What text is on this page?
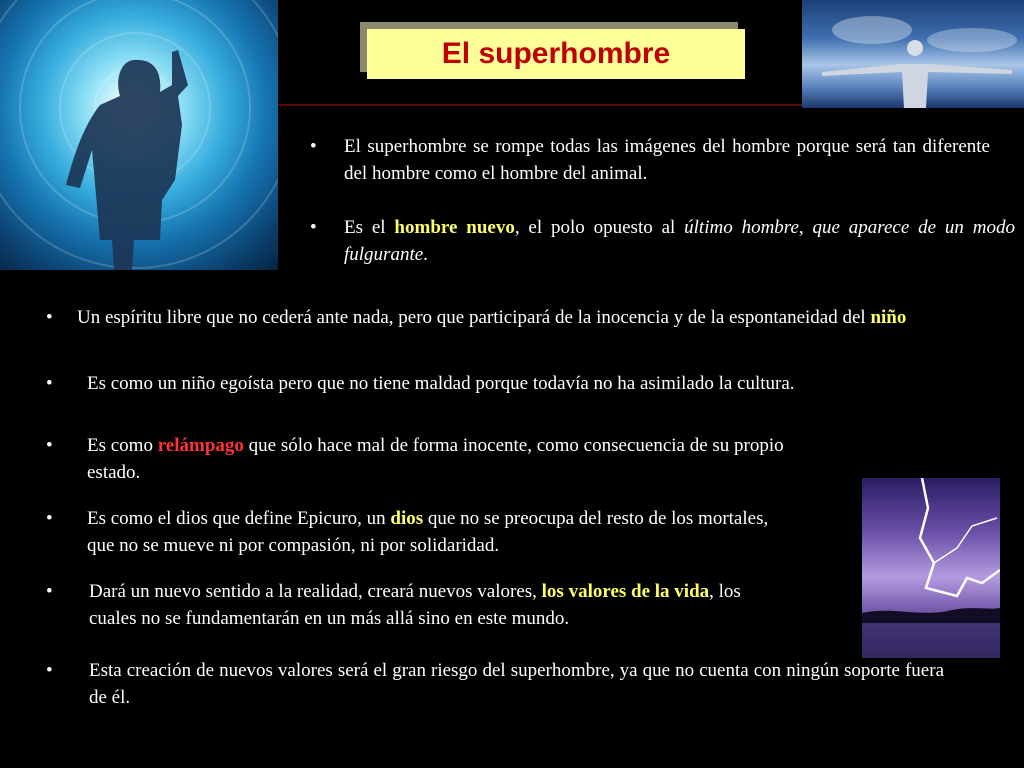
El superhombre
• El superhombre se rompe todas las imágenes del hombre porque será tan diferente del hombre como el hombre del animal.
• Es el hombre nuevo, el polo opuesto al último hombre, que aparece de un modo fulgurante.
• Un espíritu libre que no cederá ante nada, pero que participará de la inocencia y de la espontaneidad del niño
• Es como un niño egoísta pero que no tiene maldad porque todavía no ha asimilado la cultura.
• Es como relámpago que sólo hace mal de forma inocente, como consecuencia de su propio estado.
• Es como el dios que define Epicuro, un dios que no se preocupa del resto de los mortales, que no se mueve ni por compasión, ni por solidaridad.
• Dará un nuevo sentido a la realidad, creará nuevos valores, los valores de la vida, los cuales no se fundamentarán en un más allá sino en este mundo.
• Esta creación de nuevos valores será el gran riesgo del superhombre, ya que no cuenta con ningún soporte fuera de él.
